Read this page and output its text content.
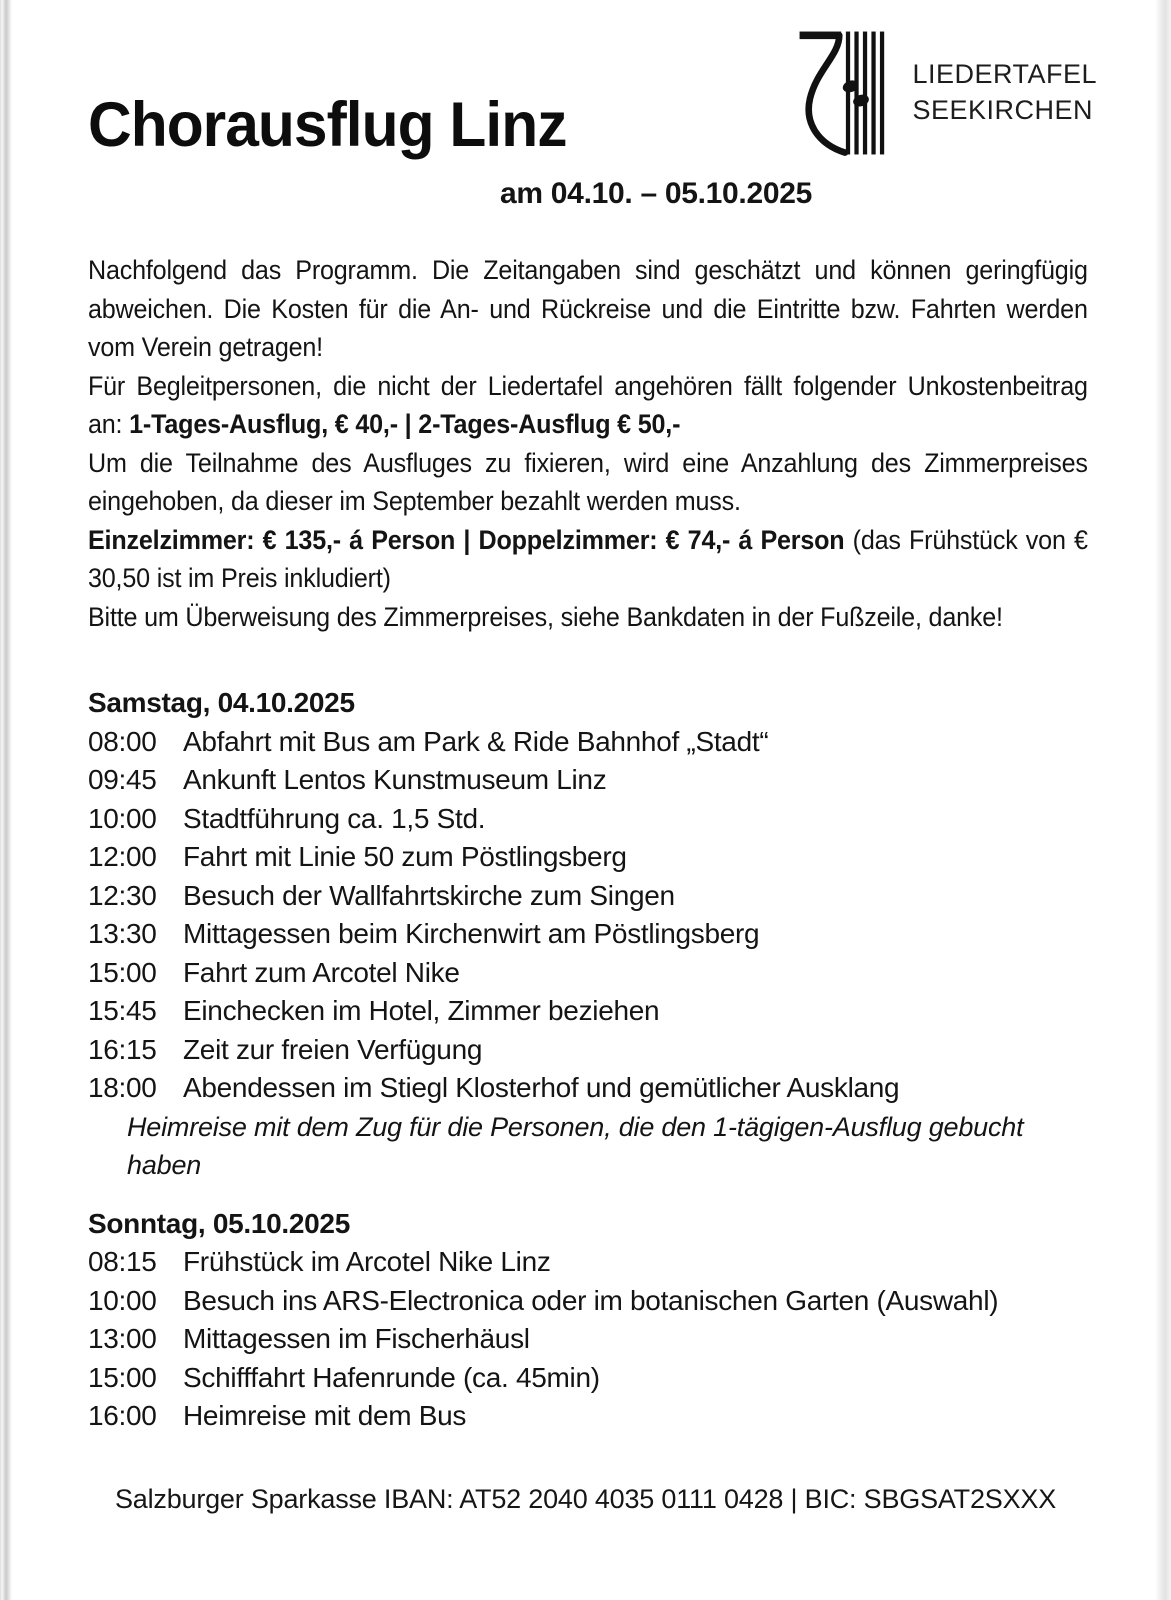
LIEDERTAFEL
SEEKIRCHEN
Chorausflug Linz
am 04.10. – 05.10.2025

Nachfolgend das Programm. Die Zeitangaben sind geschätzt und können geringfügig abweichen. Die Kosten für die An- und Rückreise und die Eintritte bzw. Fahrten werden vom Verein getragen!

Für Begleitpersonen, die nicht der Liedertafel angehören fällt folgender Unkostenbeitrag an: 1-Tages-Ausflug, € 40,- | 2-Tages-Ausflug € 50,-

Um die Teilnahme des Ausfluges zu fixieren, wird eine Anzahlung des Zimmerpreises eingehoben, da dieser im September bezahlt werden muss.

Einzelzimmer: € 135,- á Person | Doppelzimmer: € 74,- á Person (das Frühstück von € 30,50 ist im Preis inkludiert)

Bitte um Überweisung des Zimmerpreises, siehe Bankdaten in der Fußzeile, danke!

Samstag, 04.10.2025
08:00 Abfahrt mit Bus am Park & Ride Bahnhof „Stadt“
09:45 Ankunft Lentos Kunstmuseum Linz
10:00 Stadtführung ca. 1,5 Std.
12:00 Fahrt mit Linie 50 zum Pöstlingsberg
12:30 Besuch der Wallfahrtskirche zum Singen
13:30 Mittagessen beim Kirchenwirt am Pöstlingsberg
15:00 Fahrt zum Arcotel Nike
15:45 Einchecken im Hotel, Zimmer beziehen
16:15 Zeit zur freien Verfügung
18:00 Abendessen im Stiegl Klosterhof und gemütlicher Ausklang
Heimreise mit dem Zug für die Personen, die den 1-tägigen-Ausflug gebucht haben
Sonntag, 05.10.2025
08:15 Frühstück im Arcotel Nike Linz
10:00 Besuch ins ARS-Electronica oder im botanischen Garten (Auswahl)
13:00 Mittagessen im Fischerhäusl
15:00 Schifffahrt Hafenrunde (ca. 45min)
16:00 Heimreise mit dem Bus
Salzburger Sparkasse IBAN: AT52 2040 4035 0111 0428 | BIC: SBGSAT2SXXX
